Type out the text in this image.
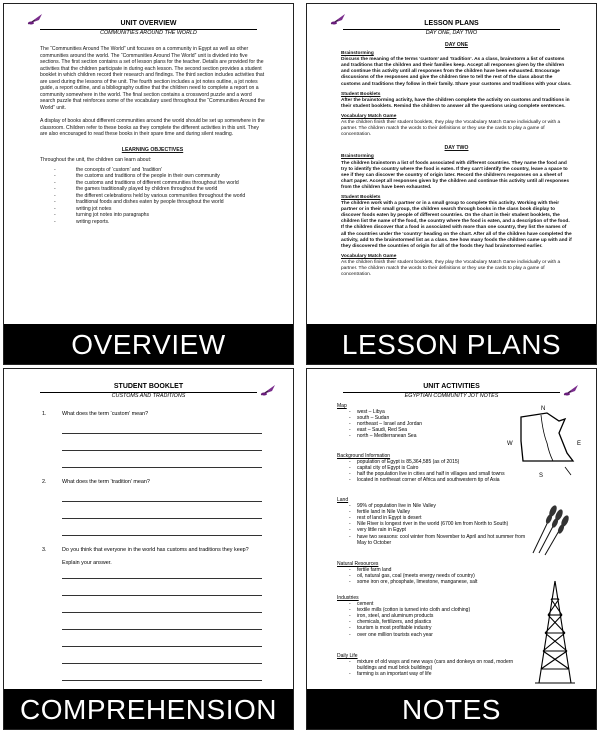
UNIT OVERVIEW
COMMUNITIES AROUND THE WORLD

The “Communities Around The World” unit focuses on a community in Egypt as well as other communities around the world. The “Communities Around The World” unit is divided into five sections. The first section contains a set of lesson plans for the teacher. Details are provided for the activities that the children participate in during each lesson. The second section provides a student booklet in which children record their research and findings. The third section includes activities that are used during the lessons of the unit. The fourth section includes a jot notes outline, a jot notes guide, a report outline, and a bibliography outline that the children need to complete a report on a community somewhere in the world. The final section contains a crossword puzzle and a word search puzzle that reinforces some of the vocabulary used throughout the “Communities Around the World” unit.

A display of books about different communities around the world should be set up somewhere in the classroom. Children refer to these books as they complete the different activities in this unit. They are also encouraged to read these books in their spare time and during silent reading.

LEARNING OBJECTIVES

Throughout the unit, the children can learn about:

- the concepts of ‘custom’ and ‘tradition’
- the customs and traditions of the people in their own community
- the customs and traditions of different communities throughout the world
- the games traditionally played by children throughout the world
- the different celebrations held by various communities throughout the world
- traditional foods and dishes eaten by people throughout the world
- writing jot notes
- turning jot notes into paragraphs
- writing reports.
OVERVIEW
LESSON PLANS
DAY ONE, DAY TWO
DAY ONE
Brainstorming

Discuss the meaning of the terms ‘custom’ and ‘tradition’. As a class, brainstorm a list of customs and traditions that the children and their families keep. Accept all responses given by the children and continue this activity until all responses from the children have been exhausted. Encourage discussions of the responses and give the children time to tell the rest of the class about the customs and traditions they follow in their family. Share your customs and traditions with your class.

Student Booklets

After the brainstorming activity, have the children complete the activity on customs and traditions in their student booklets. Remind the children to answer all the questions using complete sentences.

Vocabulary Match Game

As the children finish their student booklets, they play the Vocabulary Match Game individually or with a partner. The children match the words to their definitions or they use the cards to play a game of concentration.

DAY TWO
Brainstorming

The children brainstorm a list of foods associated with different countries. They name the food and try to identify the country where the food is eaten. If they can’t identify the country, leave a space to see if they can discover the country of origin later. Record the children’s responses on a sheet of chart paper. Accept all responses given by the children and continue this activity until all responses from the children have been exhausted.

Student Booklets

The children work with a partner or in a small group to complete this activity. Working with their partner or in their small group, the children search through books in the class book display to discover foods eaten by people of different countries. On the chart in their student booklets, the children list the name of the food, the country where the food is eaten, and a description of the food. If the children discover that a food is associated with more than one country, they list the names of all the countries under the ‘country’ heading on the chart. After all of the children have completed the activity, add to the brainstormed list as a class. See how many foods the children came up with and if they discovered the countries of origin for all of the foods they had brainstormed earlier.

Vocabulary Match Game

As the children finish their student booklets, they play the Vocabulary Match Game individually or with a partner. The children match the words to their definitions or they use the cards to play a game of concentration.

LESSON PLANS
STUDENT BOOKLET
CUSTOMS AND TRADITIONS
1.	What does the term ‘custom’ mean?
2.	What does the term ‘tradition’ mean?
3.	Do you think that everyone in the world has customs and traditions they keep?
Explain your answer.
COMPREHENSION
UNIT ACTIVITIES
EGYPTIAN COMMUNITY JOT NOTES
N
W	E
S
Map
- west – Libya
- south – Sudan
- northeast – Israel and Jordan
- east – Saudi, Red Sea
- north – Mediterranean Sea
Background Information
- population of Egypt is 85,364,585 (as of 2015)
- capital city of Egypt is Cairo
- half the population live in cities and half in villages and small towns
- located in northeast corner of Africa and southwestern tip of Asia
Land
- 99% of population live in Nile Valley
- fertile land in Nile Valley
- rest of land in Egypt is desert
- Nile River is longest river in the world (6700 km from North to South)
- very little rain in Egypt
- have two seasons: cool winter from November to April and hot summer from May to October
Natural Resources
- fertile farm land
- oil, natural gas, coal (meets energy needs of country)
- some iron ore, phosphate, limestone, manganese, salt
Industries
- cement
- textile mills (cotton is turned into cloth and clothing)
- iron, steel, and aluminum products
- chemicals, fertilizers, and plastics
- tourism is most profitable industry
- over one million tourists each year
Daily Life
- mixture of old ways and new ways (cars and donkeys on road, modern buildings and mud brick buildings)
- farming is an important way of life
NOTES
